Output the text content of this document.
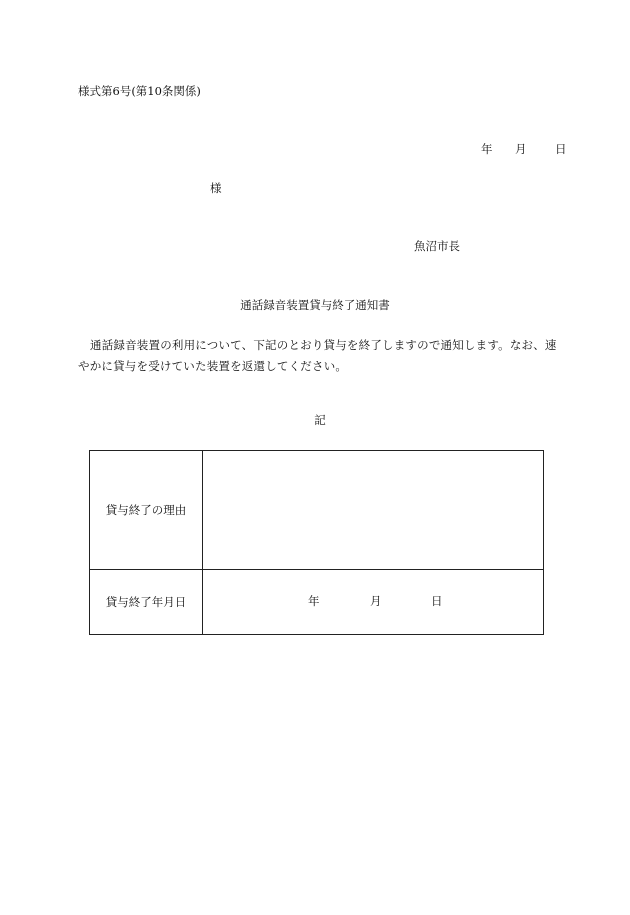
様式第6号(第10条関係)
年 月 日
様
魚沼市長
通話録音装置貸与終了通知書
通話録音装置の利用について、下記のとおり貸与を終了しますので通知します。なお、速やかに貸与を受けていた装置を返還してください。
記
貸与終了の理由	
貸与終了年月日	年 月 日
